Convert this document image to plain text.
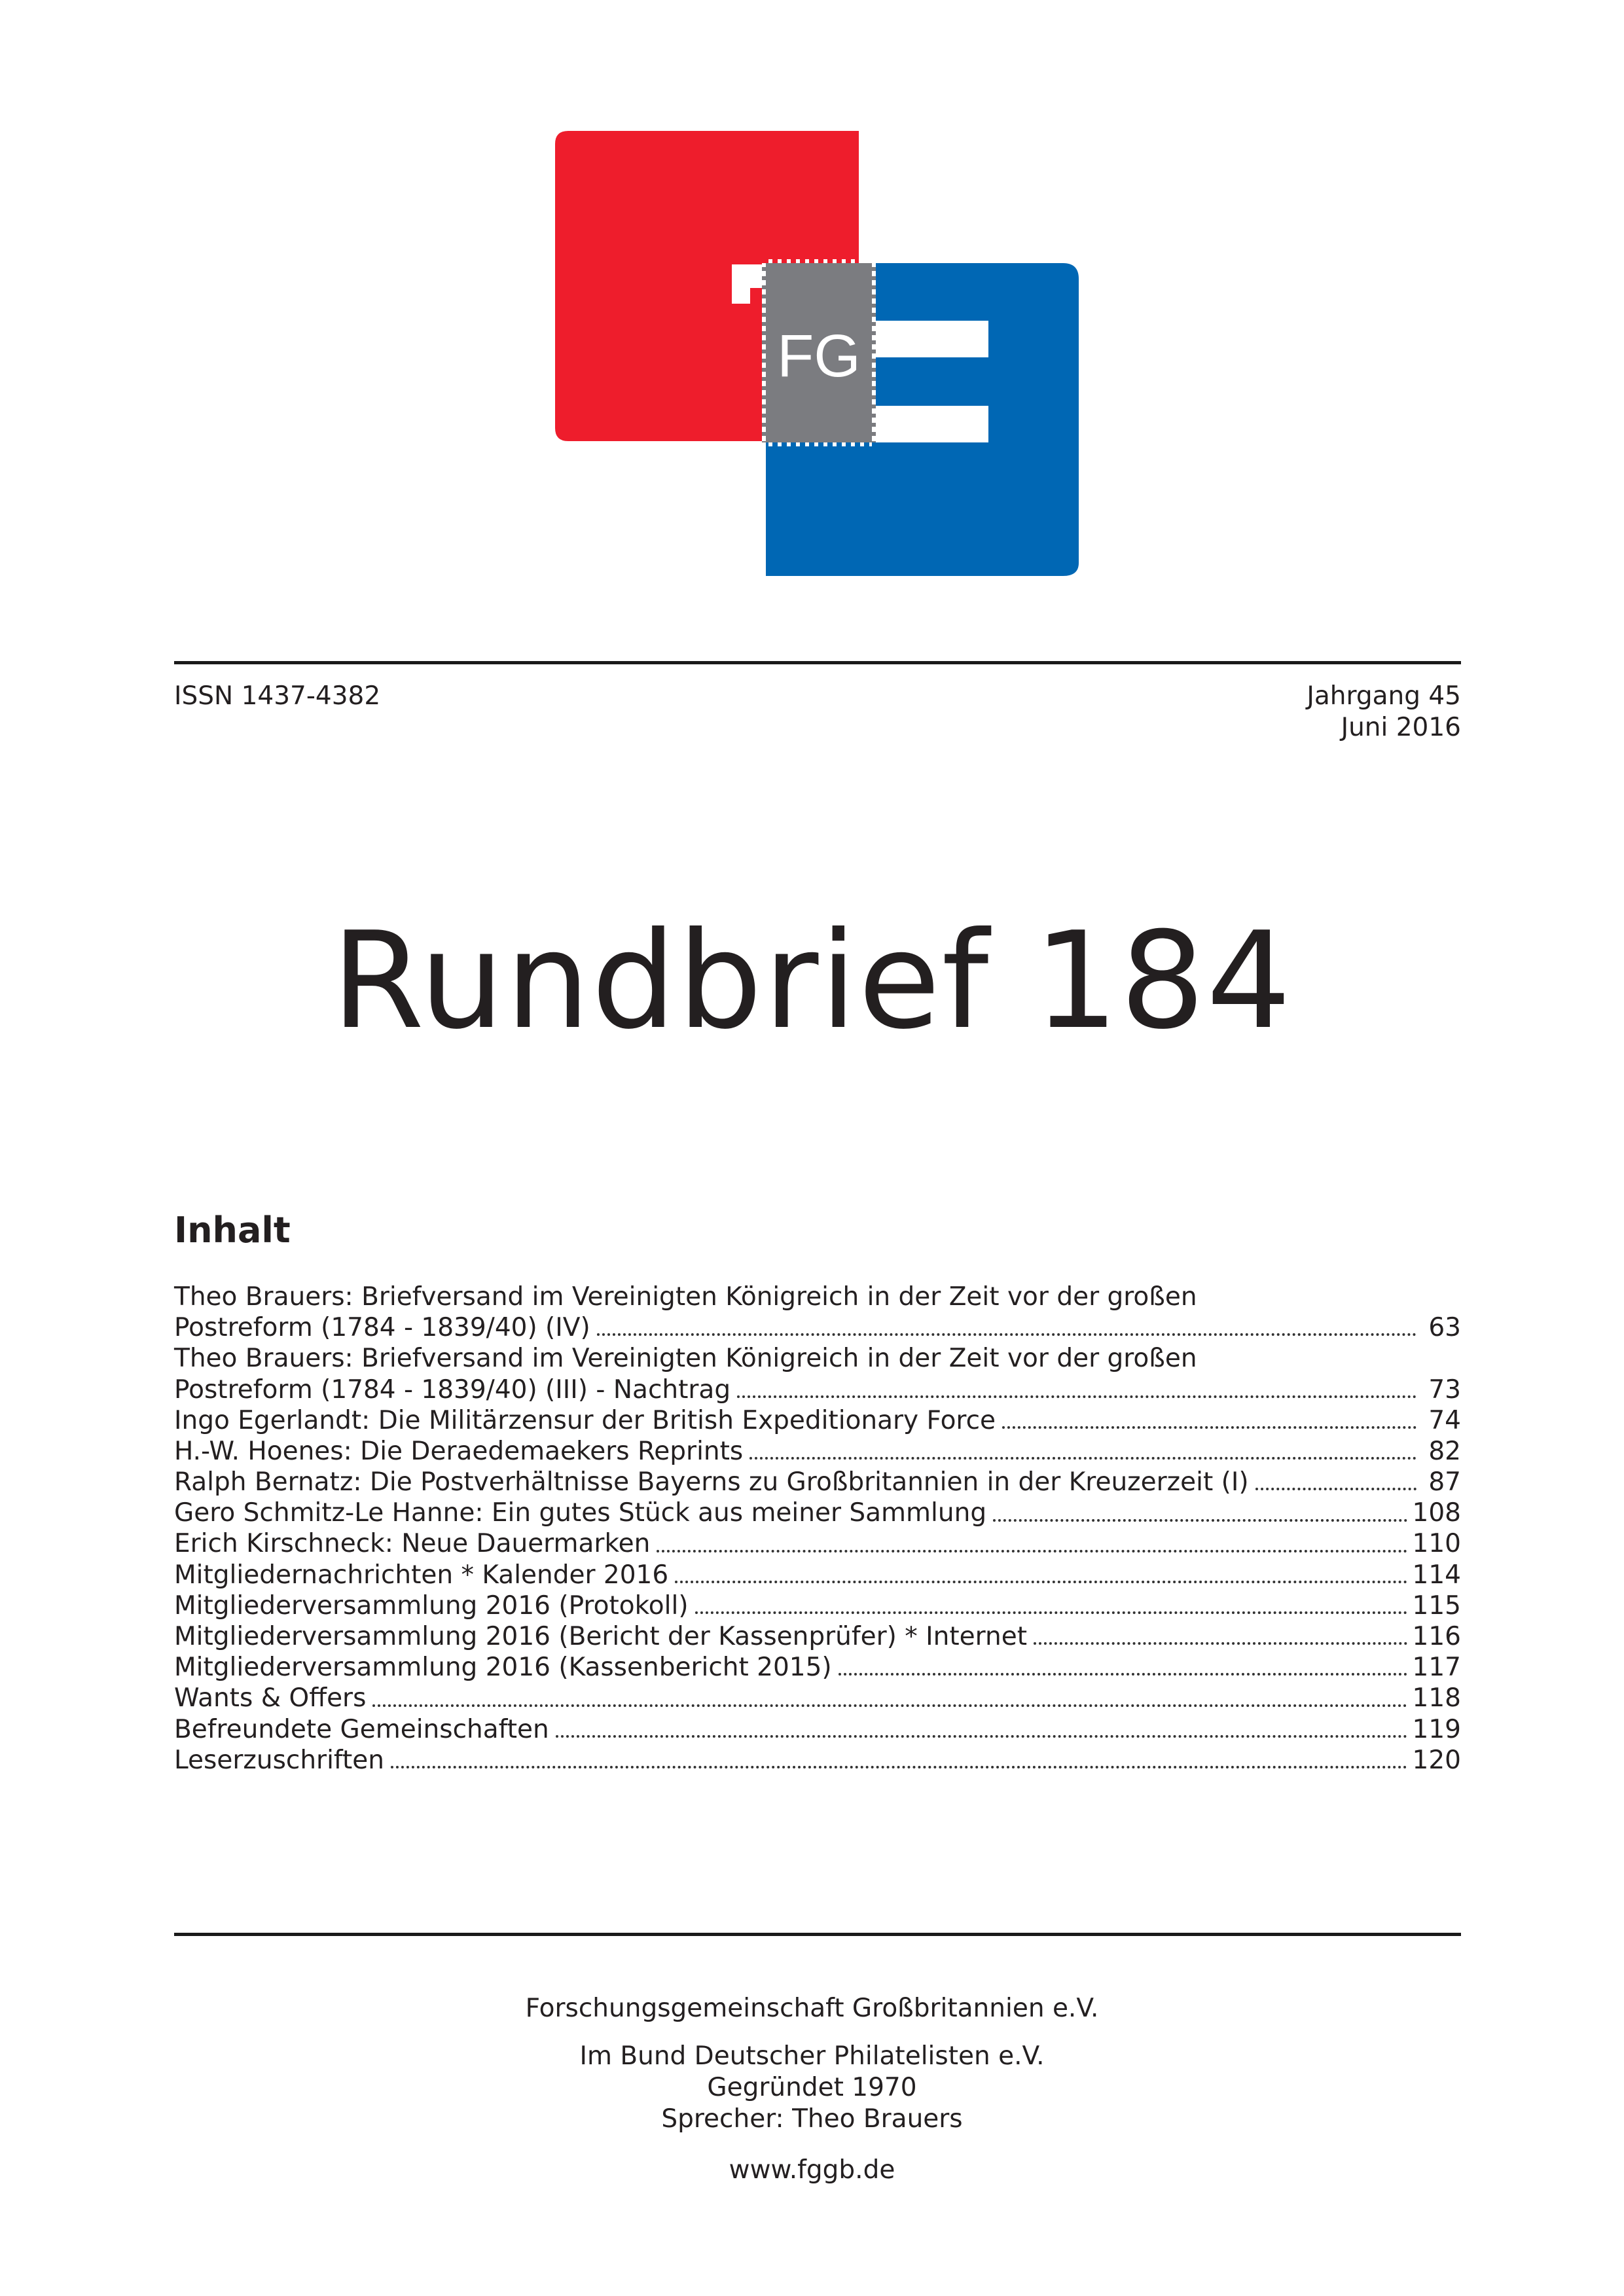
FG
ISSN 1437-4382	Jahrgang 45
Juni 2016
Rundbrief 184
Inhalt
Theo Brauers: Briefversand im Vereinigten Königreich in der Zeit vor der großen
Postreform (1784 - 1839/40) (IV)	63
Theo Brauers: Briefversand im Vereinigten Königreich in der Zeit vor der großen
Postreform (1784 - 1839/40) (III) - Nachtrag	73
Ingo Egerlandt: Die Militärzensur der British Expeditionary Force	74
H.-W. Hoenes: Die Deraedemaekers Reprints	82
Ralph Bernatz: Die Postverhältnisse Bayerns zu Großbritannien in der Kreuzerzeit (I)	87
Gero Schmitz-Le Hanne: Ein gutes Stück aus meiner Sammlung	108
Erich Kirschneck: Neue Dauermarken	110
Mitgliedernachrichten * Kalender 2016	114
Mitgliederversammlung 2016 (Protokoll)	115
Mitgliederversammlung 2016 (Bericht der Kassenprüfer) * Internet	116
Mitgliederversammlung 2016 (Kassenbericht 2015)	117
Wants & Offers	118
Befreundete Gemeinschaften	119
Leserzuschriften	120
Forschungsgemeinschaft Großbritannien e.V.
Im Bund Deutscher Philatelisten e.V.
Gegründet 1970
Sprecher: Theo Brauers
www.fggb.de
